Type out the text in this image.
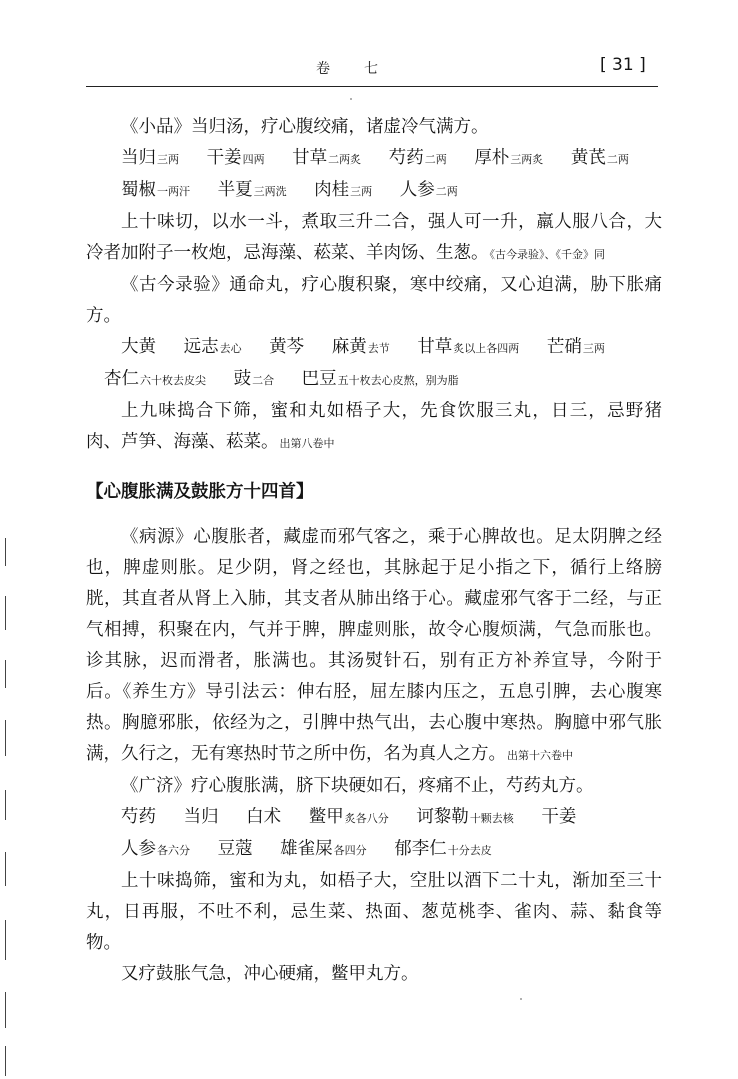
卷　七	[ 31 ]

《小品》当归汤，疗心腹绞痛，诸虚冷气满方。

当归三两 干姜四两 甘草二两炙 芍药二两 厚朴三两炙 黄芪二两 蜀椒一两汗 半夏三两洗 肉桂三两 人参二两

上十味切，以水一斗，煮取三升二合，强人可一升，羸人服八合，大冷者加附子一枚炮，忌海藻、菘菜、羊肉饧、生葱。《古今录验》、《千金》同

《古今录验》通命丸，疗心腹积聚，寒中绞痛，又心迫满，胁下胀痛方。

大黄 远志去心 黄芩 麻黄去节 甘草炙以上各四两 芒硝三两

杏仁六十枚去皮尖 豉二合 巴豆五十枚去心皮熬，别为脂

上九味捣合下筛，蜜和丸如梧子大，先食饮服三丸，日三，忌野猪肉、芦笋、海藻、菘菜。出第八卷中

【心腹胀满及鼓胀方十四首】

《病源》心腹胀者，藏虚而邪气客之，乘于心脾故也。足太阴脾之经也，脾虚则胀。足少阴，肾之经也，其脉起于足小指之下，循行上络膀胱，其直者从肾上入肺，其支者从肺出络于心。藏虚邪气客于二经，与正气相搏，积聚在内，气并于脾，脾虚则胀，故令心腹烦满，气急而胀也。诊其脉，迟而滑者，胀满也。其汤熨针石，别有正方补养宣导，今附于后。《养生方》导引法云：伸右胫，屈左膝内压之，五息引脾，去心腹寒热。胸臆邪胀，依经为之，引脾中热气出，去心腹中寒热。胸臆中邪气胀满，久行之，无有寒热时节之所中伤，名为真人之方。出第十六卷中

《广济》疗心腹胀满，脐下块硬如石，疼痛不止，芍药丸方。

芍药 当归 白术 鳖甲炙各八分 诃黎勒十颗去核 干姜 人参各六分 豆蔻 雄雀屎各四分 郁李仁十分去皮

上十味捣筛，蜜和为丸，如梧子大，空肚以酒下二十丸，渐加至三十丸，日再服，不吐不利，忌生菜、热面、葱苋桃李、雀肉、蒜、黏食等物。

又疗鼓胀气急，冲心硬痛，鳖甲丸方。
